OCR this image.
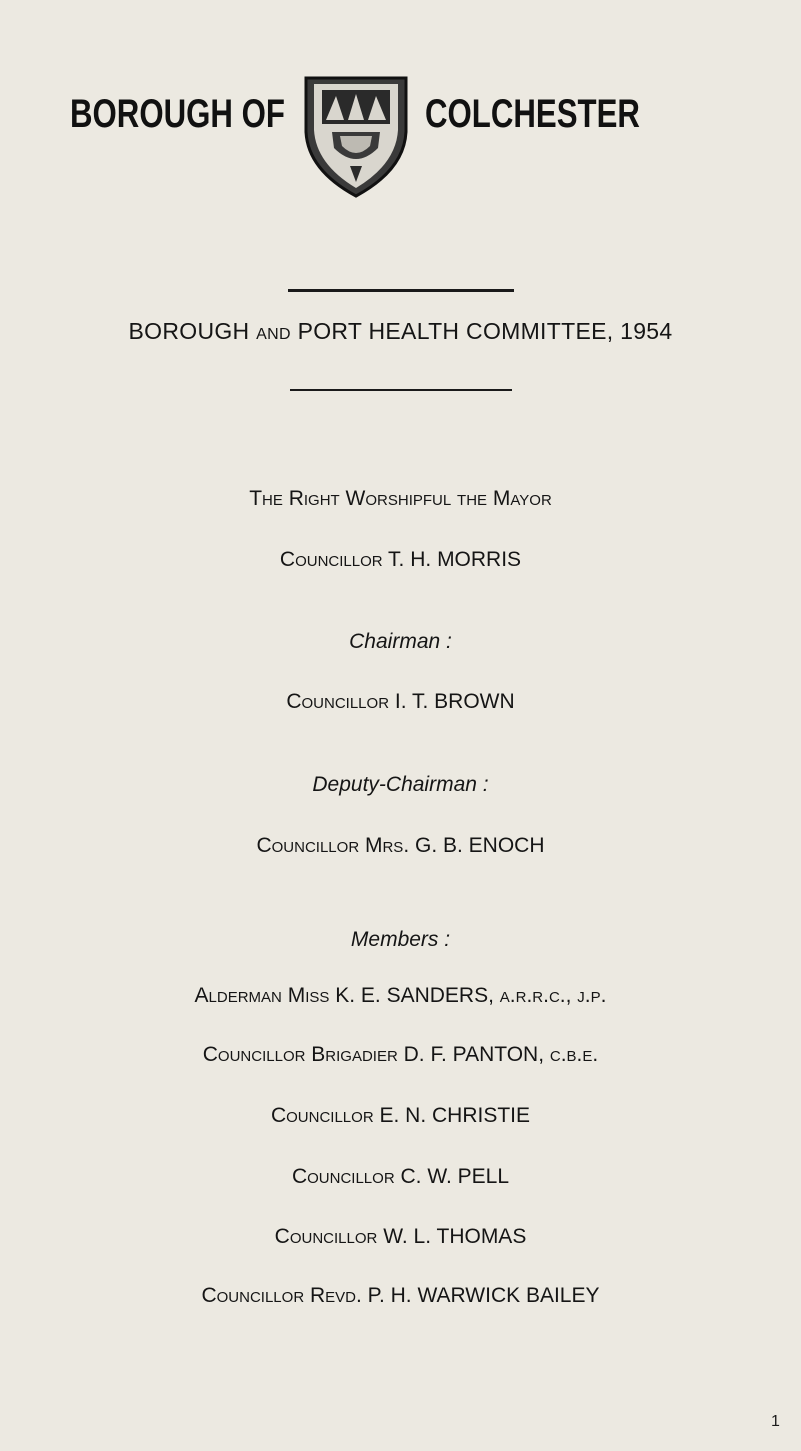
BOROUGH OF	COLCHESTER
BOROUGH AND PORT HEALTH COMMITTEE, 1954
The Right Worshipful the Mayor
Councillor T. H. MORRIS
Chairman :
Councillor I. T. BROWN
Deputy-Chairman :
Councillor Mrs. G. B. ENOCH
Members :
Alderman Miss K. E. SANDERS, a.r.r.c., j.p.
Councillor Brigadier D. F. PANTON, c.b.e.
Councillor E. N. CHRISTIE
Councillor C. W. PELL
Councillor W. L. THOMAS
Councillor Revd. P. H. WARWICK BAILEY
1
